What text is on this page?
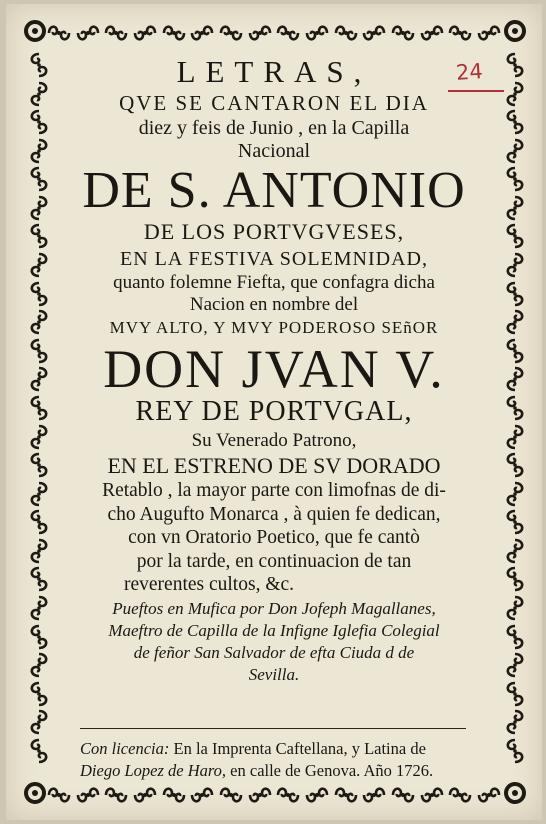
24
LETRAS,
QVE SE CANTARON EL DIA
diez y feis de Junio , en la Capilla
Nacional
DE S. ANTONIO
DE LOS PORTVGVESES,
EN LA FESTIVA SOLEMNIDAD,
quanto folemne Fiefta, que confagra dicha
Nacion en nombre del
MVY ALTO, Y MVY PODEROSO SEñOR
DON JVAN V.
REY DE PORTVGAL,
Su Venerado Patrono,
EN EL ESTRENO DE SV DORADO
Retablo , la mayor parte con limofnas de di-
cho Augufto Monarca , à quien fe dedican,
con vn Oratorio Poetico, que fe cantò
por la tarde, en continuacion de tan
reverentes cultos, &c.
Pueftos en Mufica por Don Jofeph Magallanes,
Maeftro de Capilla de la Infigne Iglefia Colegial
de feñor San Salvador de efta Ciuda d de
Sevilla.
Con licencia: En la Imprenta Caftellana, y Latina de
Diego Lopez de Haro, en calle de Genova. Año 1726.
